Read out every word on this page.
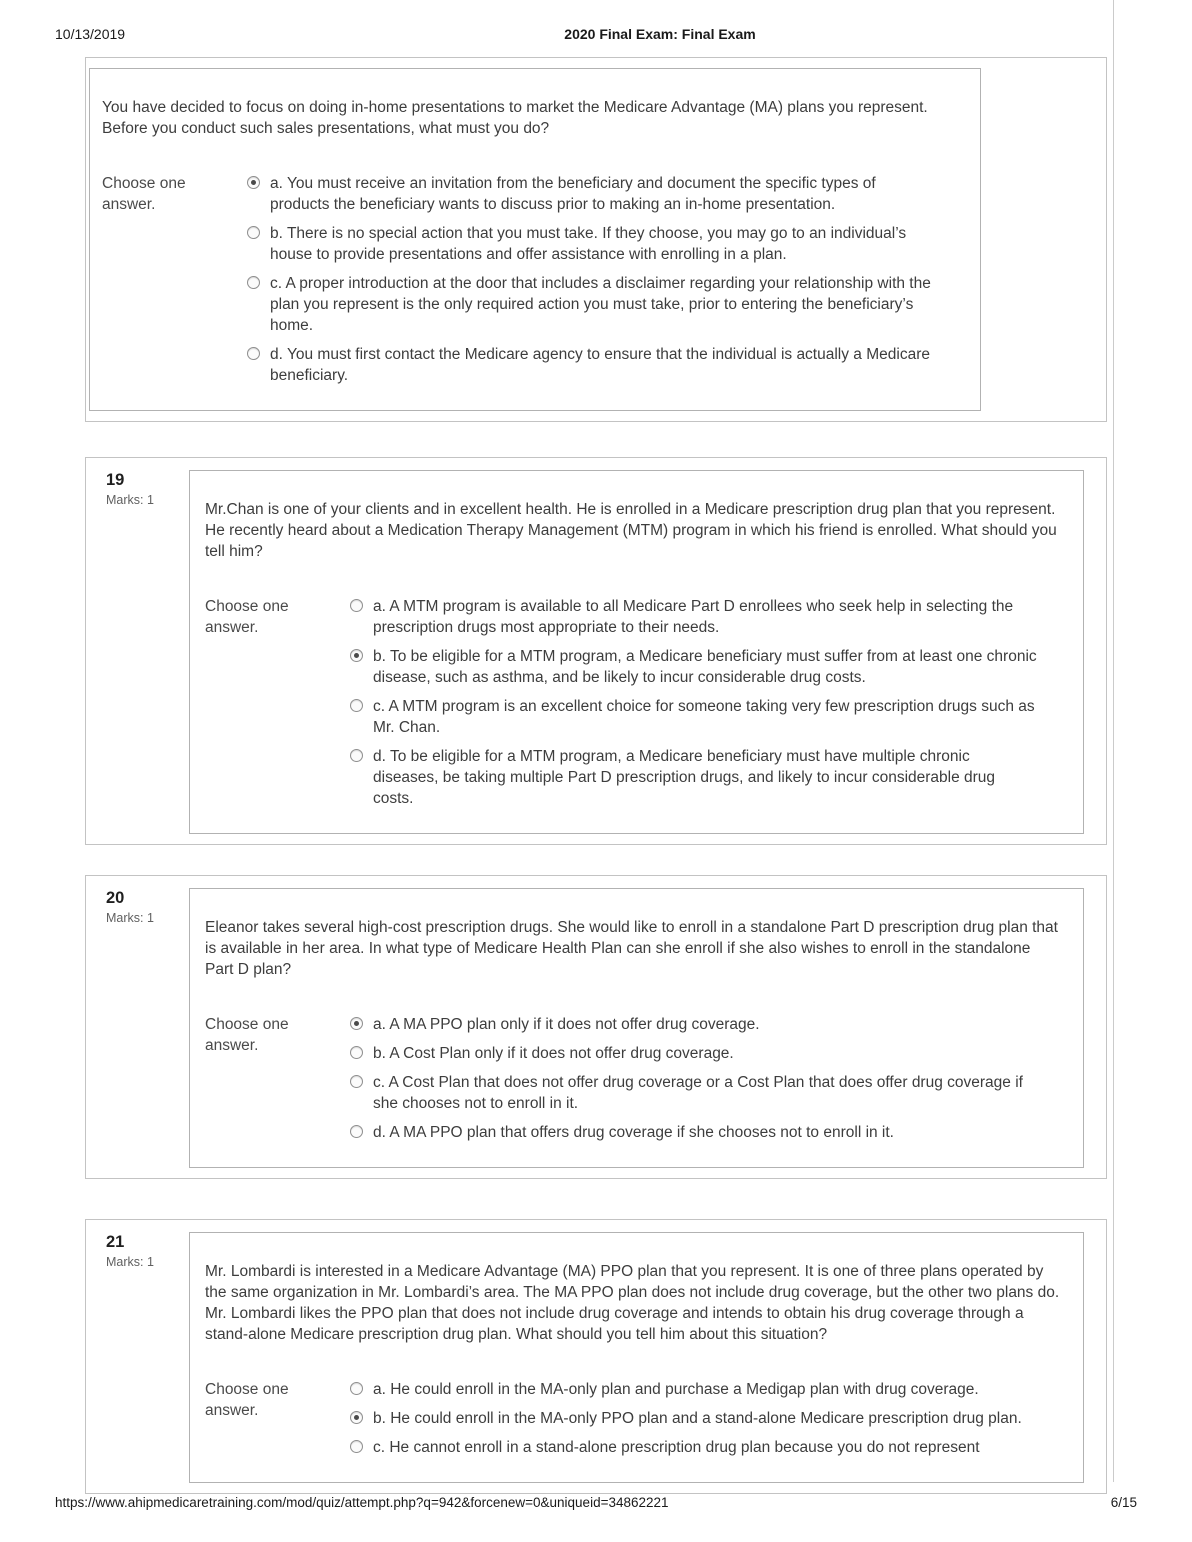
10/13/2019	2020 Final Exam: Final Exam

You have decided to focus on doing in-home presentations to market the Medicare Advantage (MA) plans you represent. Before you conduct such sales presentations, what must you do?

Choose one answer.
a. You must receive an invitation from the beneficiary and document the specific types of products the beneficiary wants to discuss prior to making an in-home presentation.
b. There is no special action that you must take. If they choose, you may go to an individual’s house to provide presentations and offer assistance with enrolling in a plan.
c. A proper introduction at the door that includes a disclaimer regarding your relationship with the plan you represent is the only required action you must take, prior to entering the beneficiary’s home.
d. You must first contact the Medicare agency to ensure that the individual is actually a Medicare beneficiary.
19
Marks: 1

Mr.Chan is one of your clients and in excellent health. He is enrolled in a Medicare prescription drug plan that you represent. He recently heard about a Medication Therapy Management (MTM) program in which his friend is enrolled. What should you tell him?

Choose one answer.
a. A MTM program is available to all Medicare Part D enrollees who seek help in selecting the prescription drugs most appropriate to their needs.
b. To be eligible for a MTM program, a Medicare beneficiary must suffer from at least one chronic disease, such as asthma, and be likely to incur considerable drug costs.
c. A MTM program is an excellent choice for someone taking very few prescription drugs such as Mr. Chan.
d. To be eligible for a MTM program, a Medicare beneficiary must have multiple chronic diseases, be taking multiple Part D prescription drugs, and likely to incur considerable drug costs.
20
Marks: 1

Eleanor takes several high-cost prescription drugs. She would like to enroll in a standalone Part D prescription drug plan that is available in her area. In what type of Medicare Health Plan can she enroll if she also wishes to enroll in the standalone Part D plan?

Choose one answer.
a. A MA PPO plan only if it does not offer drug coverage.
b. A Cost Plan only if it does not offer drug coverage.
c. A Cost Plan that does not offer drug coverage or a Cost Plan that does offer drug coverage if she chooses not to enroll in it.
d. A MA PPO plan that offers drug coverage if she chooses not to enroll in it.
21
Marks: 1

Mr. Lombardi is interested in a Medicare Advantage (MA) PPO plan that you represent. It is one of three plans operated by the same organization in Mr. Lombardi’s area. The MA PPO plan does not include drug coverage, but the other two plans do. Mr. Lombardi likes the PPO plan that does not include drug coverage and intends to obtain his drug coverage through a stand-alone Medicare prescription drug plan. What should you tell him about this situation?

Choose one answer.
a. He could enroll in the MA-only plan and purchase a Medigap plan with drug coverage.
b. He could enroll in the MA-only PPO plan and a stand-alone Medicare prescription drug plan.
c. He cannot enroll in a stand-alone prescription drug plan because you do not represent
https://www.ahipmedicaretraining.com/mod/quiz/attempt.php?q=942&forcenew=0&uniqueid=34862221	6/15
